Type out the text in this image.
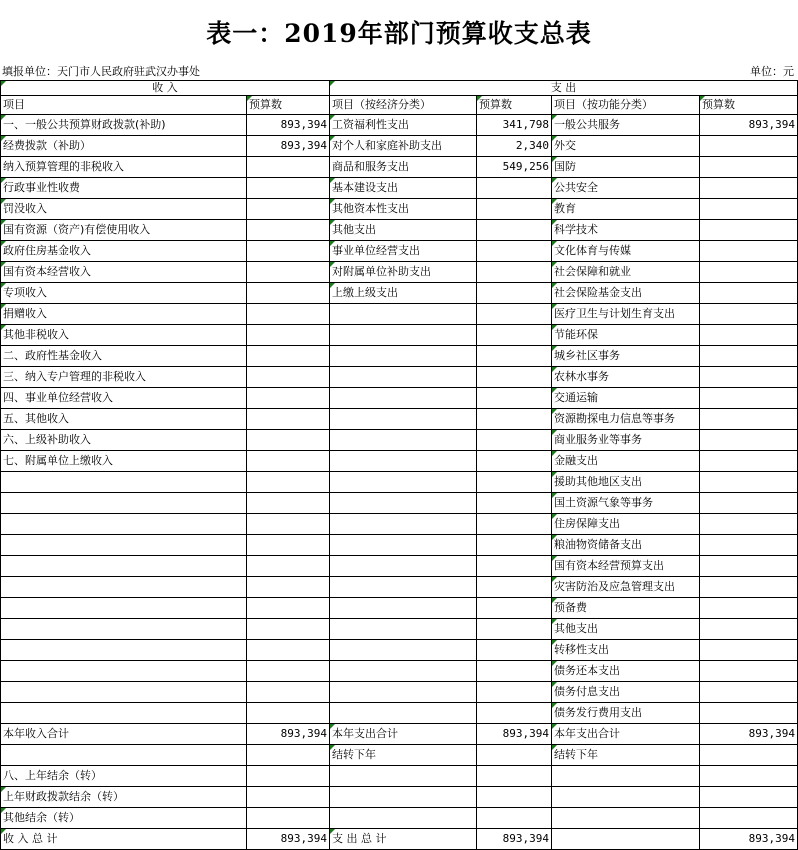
表一：2019年部门预算收支总表
填报单位：天门市人民政府驻武汉办事处	单位：元
收 入		支 出			
项目	预算数	项目（按经济分类）	预算数	项目（按功能分类）	预算数
一、一般公共预算财政拨款(补助)	893,394	工资福利性支出	341,798	一般公共服务	893,394
经费拨款（补助）	893,394	对个人和家庭补助支出	2,340	外交	
纳入预算管理的非税收入		商品和服务支出	549,256	国防	
行政事业性收费		基本建设支出		公共安全	
罚没收入		其他资本性支出		教育	
国有资源（资产)有偿使用收入		其他支出		科学技术	
政府住房基金收入		事业单位经营支出		文化体育与传媒	
国有资本经营收入		对附属单位补助支出		社会保障和就业	
专项收入		上缴上级支出		社会保险基金支出	
捐赠收入				医疗卫生与计划生育支出	
其他非税收入				节能环保	
二、政府性基金收入				城乡社区事务	
三、纳入专户管理的非税收入				农林水事务	
四、事业单位经营收入				交通运输	
五、其他收入				资源勘探电力信息等事务	
六、上级补助收入				商业服务业等事务	
七、附属单位上缴收入				金融支出	
				援助其他地区支出	
				国土资源气象等事务	
				住房保障支出	
				粮油物资储备支出	
				国有资本经营预算支出	
				灾害防治及应急管理支出	
				预备费	
				其他支出	
				转移性支出	
				债务还本支出	
				债务付息支出	
				债务发行费用支出	
本年收入合计	893,394	本年支出合计	893,394	本年支出合计	893,394
		结转下年		结转下年	
八、上年结余（转）					
上年财政拨款结余（转）					
其他结余（转）					
收 入 总 计	893,394	支 出 总 计	893,394		893,394
